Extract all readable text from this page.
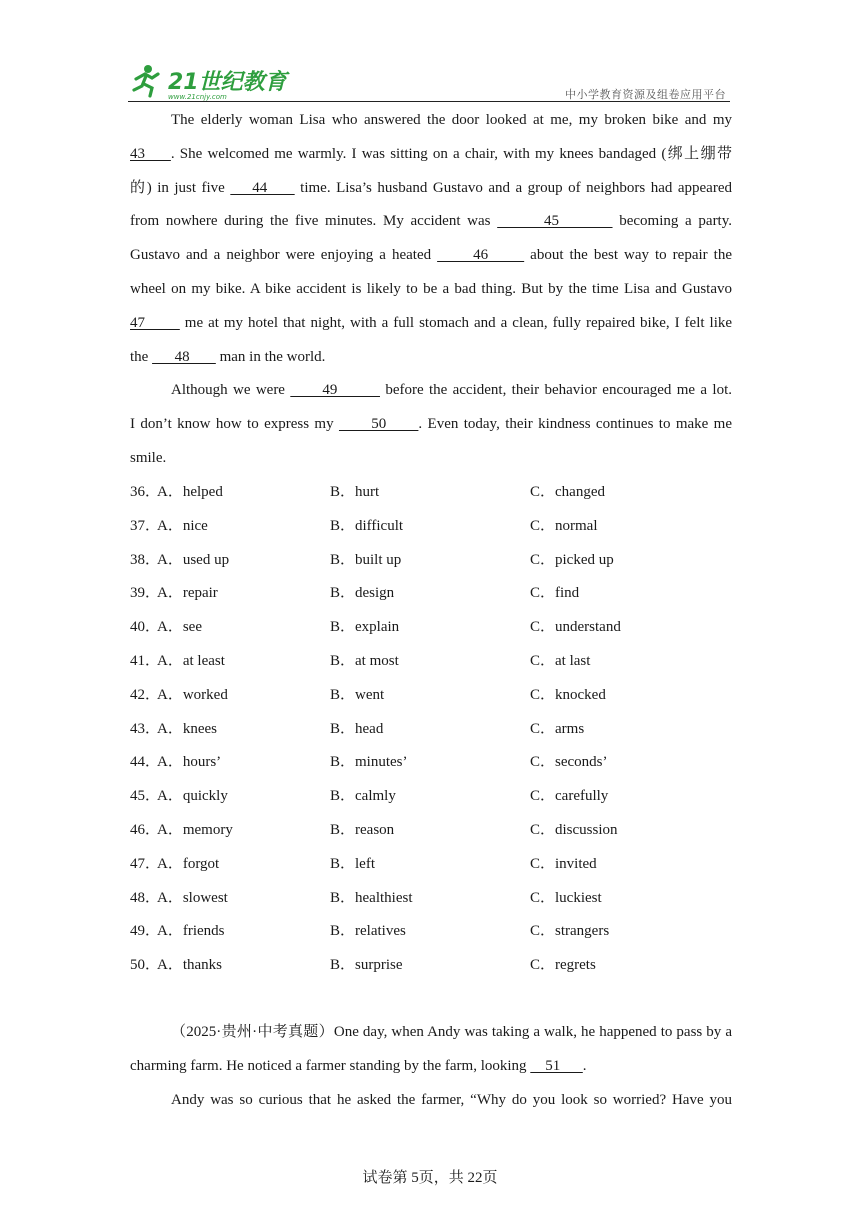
21世纪教育
www.21cnjy.com	中小学教育资源及组卷应用平台
The elderly woman Lisa who answered the door looked at me, my broken bike and my
43     . She welcomed me warmly. I was sitting on a chair, with my knees bandaged (绑上绷带
的) in just five     44      time. Lisa’s husband Gustavo and a group of neighbors had appeared
from nowhere during the five minutes. My accident was        45         becoming a party.
Gustavo and a neighbor were enjoying a heated       46       about the best way to repair the
wheel on my bike. A bike accident is likely to be a bad thing. But by the time Lisa and Gustavo
47        me at my hotel that night, with a full stomach and a clean, fully repaired bike, I felt like
the       48        man in the world.
Although we were       49         before the accident, their behavior encouraged me a lot.
I don’t know how to express my       50      . Even today, their kindness continues to make me
smile.
36．
A．helped	B．hurt	C．changed
37．
A．nice	B．difficult	C．normal
38．
A．used up	B．built up	C．picked up
39．
A．repair	B．design	C．find
40．
A．see	B．explain	C．understand
41．
A．at least	B．at most	C．at last
42．
A．worked	B．went	C．knocked
43．
A．knees	B．head	C．arms
44．
A．hours’	B．minutes’	C．seconds’
45．
A．quickly	B．calmly	C．carefully
46．
A．memory	B．reason	C．discussion
47．
A．forgot	B．left	C．invited
48．
A．slowest	B．healthiest	C．luckiest
49．
A．friends	B．relatives	C．strangers
50．
A．thanks	B．surprise	C．regrets
（2025·贵州·中考真题）One day, when Andy was taking a walk, he happened to pass by a
charming farm. He noticed a farmer standing by the farm, looking     51      .
Andy was so curious that he asked the farmer, “Why do you look so worried? Have you
试卷第 5页，共 22页
